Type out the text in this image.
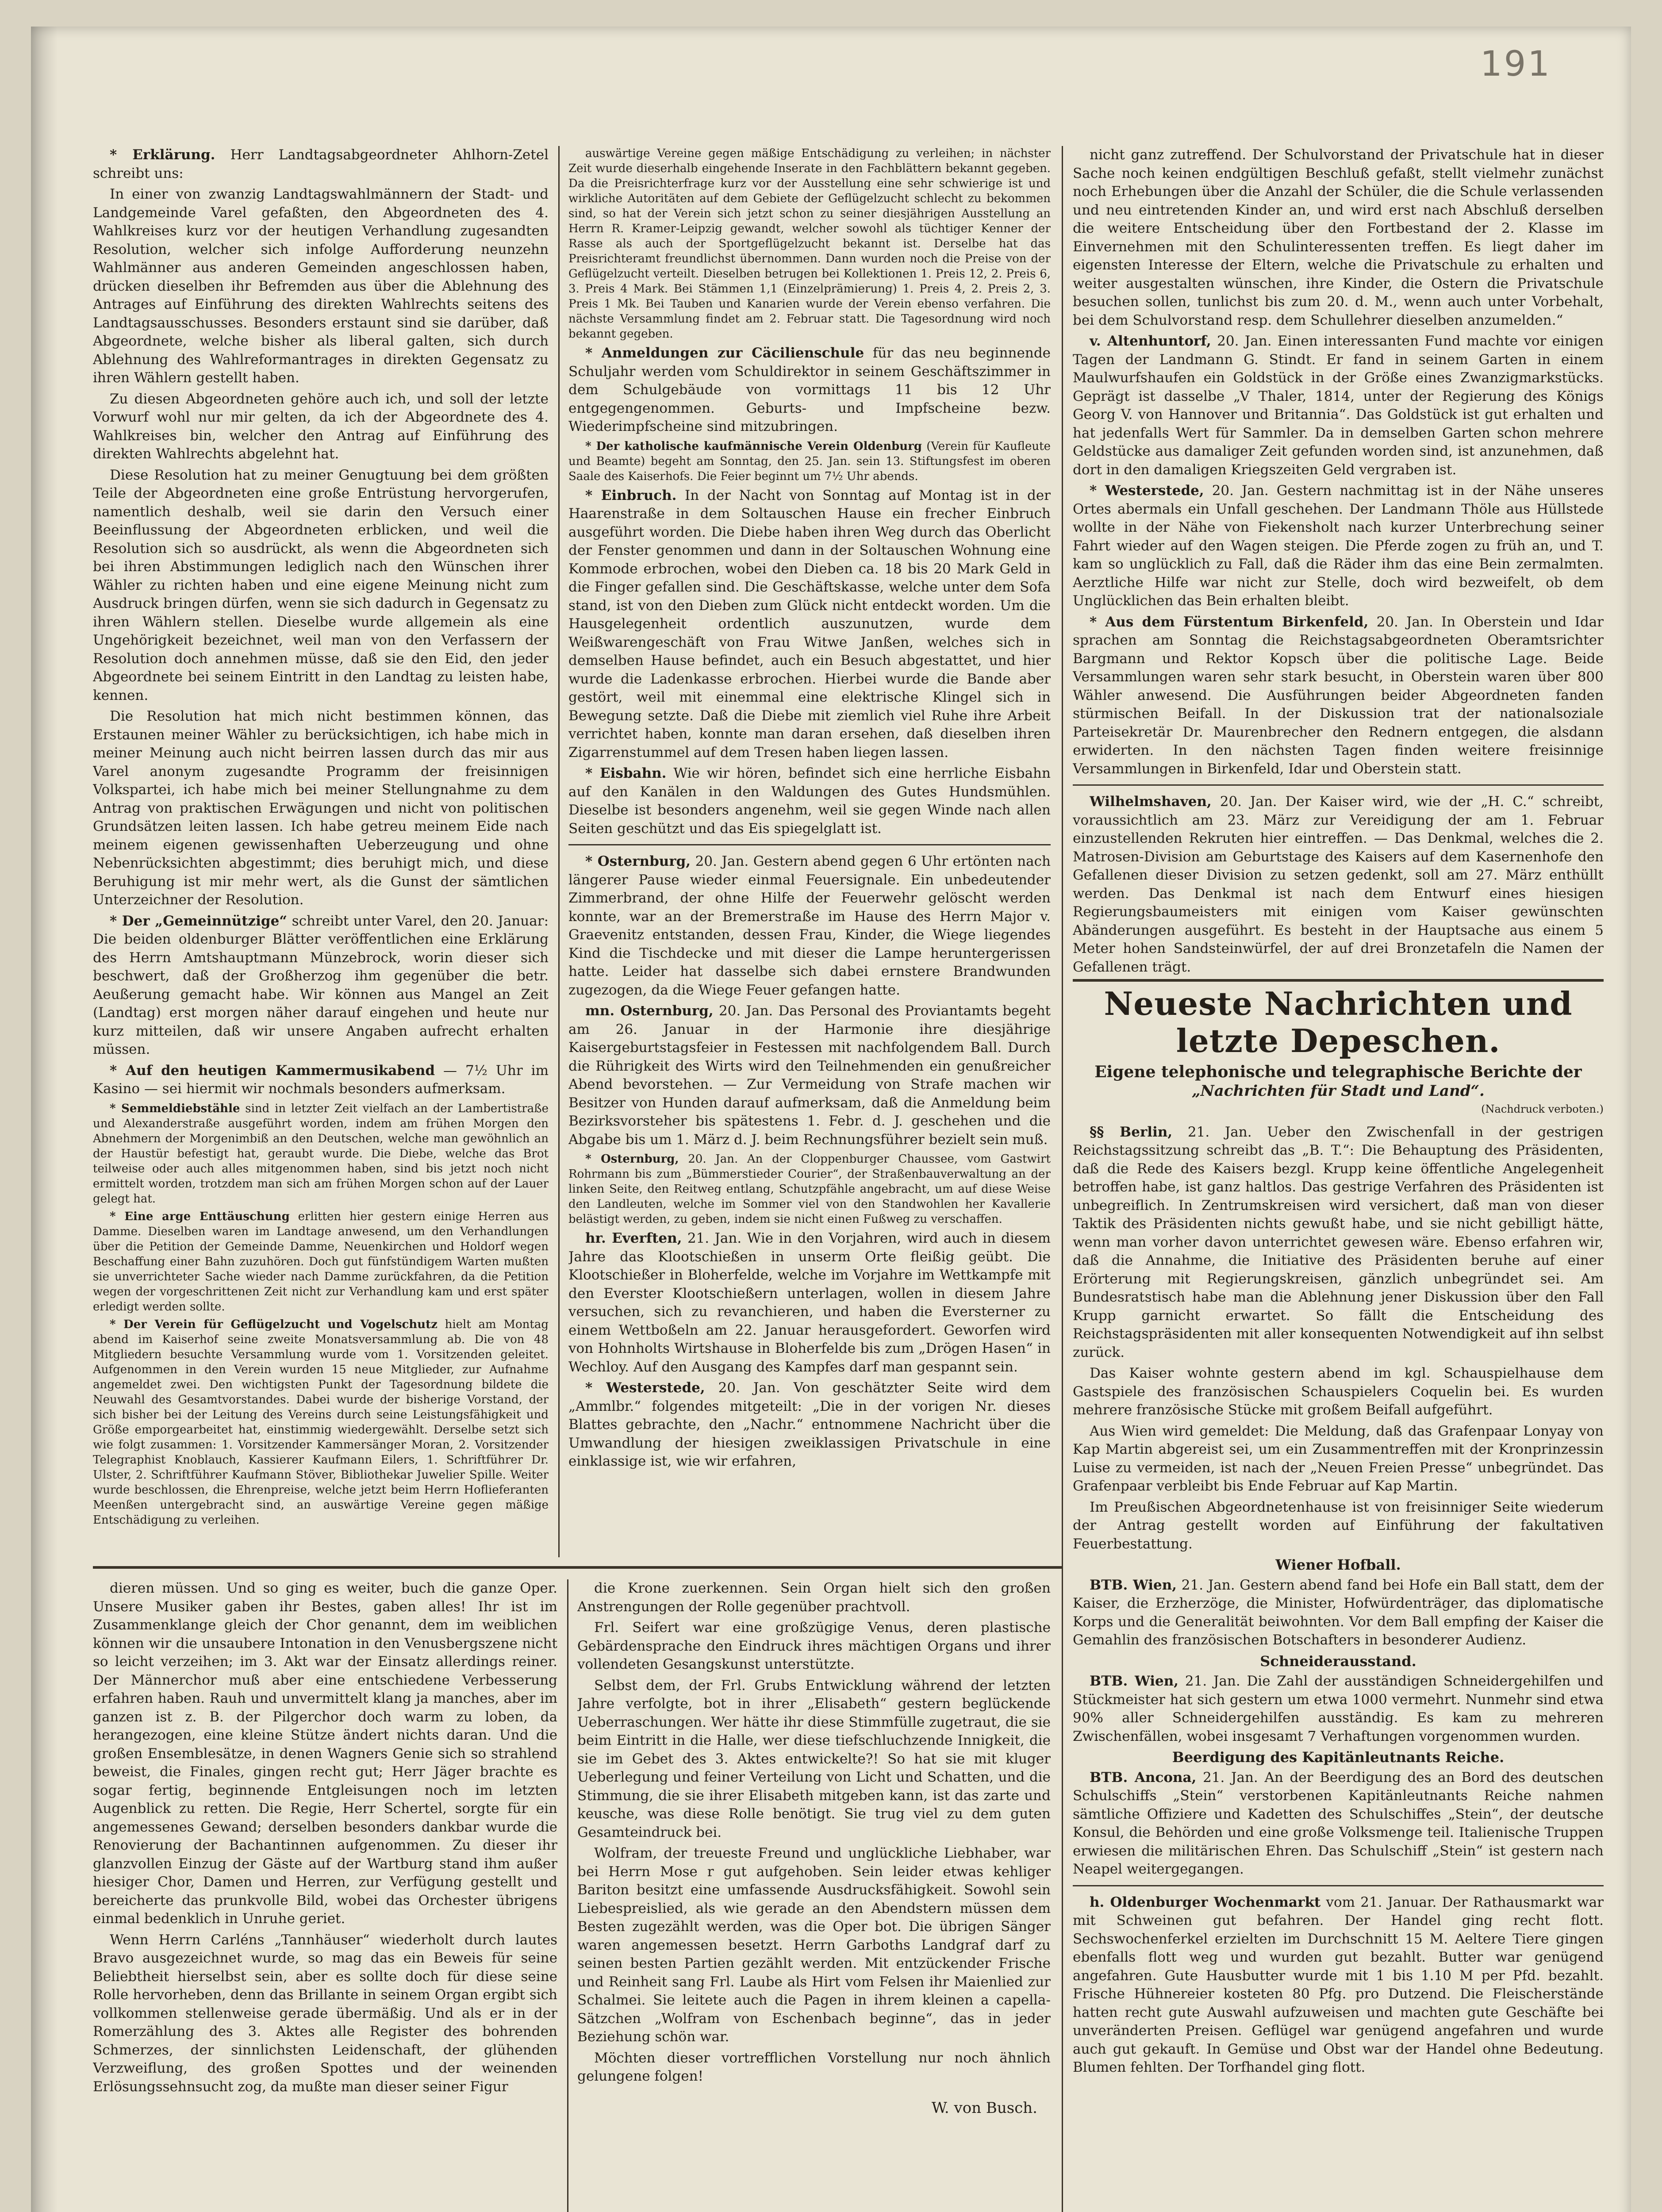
191

* Erklärung. Herr Landtagsabgeordneter Ahlhorn-Zetel schreibt uns:

In einer von zwanzig Landtagswahlmännern der Stadt- und Landgemeinde Varel gefaßten, den Abgeordneten des 4. Wahlkreises kurz vor der heutigen Verhandlung zugesandten Resolution, welcher sich infolge Aufforderung neunzehn Wahlmänner aus anderen Gemeinden angeschlossen haben, drücken dieselben ihr Befremden aus über die Ablehnung des Antrages auf Einführung des direkten Wahlrechts seitens des Landtagsausschusses. Besonders erstaunt sind sie darüber, daß Abgeordnete, welche bisher als liberal galten, sich durch Ablehnung des Wahlreformantrages in direkten Gegensatz zu ihren Wählern gestellt haben.

Zu diesen Abgeordneten gehöre auch ich, und soll der letzte Vorwurf wohl nur mir gelten, da ich der Abgeordnete des 4. Wahlkreises bin, welcher den Antrag auf Einführung des direkten Wahlrechts abgelehnt hat.

Diese Resolution hat zu meiner Genugtuung bei dem größten Teile der Abgeordneten eine große Entrüstung hervorgerufen, namentlich deshalb, weil sie darin den Versuch einer Beeinflussung der Abgeordneten erblicken, und weil die Resolution sich so ausdrückt, als wenn die Abgeordneten sich bei ihren Abstimmungen lediglich nach den Wünschen ihrer Wähler zu richten haben und eine eigene Meinung nicht zum Ausdruck bringen dürfen, wenn sie sich dadurch in Gegensatz zu ihren Wählern stellen. Dieselbe wurde allgemein als eine Ungehörigkeit bezeichnet, weil man von den Verfassern der Resolution doch annehmen müsse, daß sie den Eid, den jeder Abgeordnete bei seinem Eintritt in den Landtag zu leisten habe, kennen.

Die Resolution hat mich nicht bestimmen können, das Erstaunen meiner Wähler zu berücksichtigen, ich habe mich in meiner Meinung auch nicht beirren lassen durch das mir aus Varel anonym zugesandte Programm der freisinnigen Volkspartei, ich habe mich bei meiner Stellungnahme zu dem Antrag von praktischen Erwägungen und nicht von politischen Grundsätzen leiten lassen. Ich habe getreu meinem Eide nach meinem eigenen gewissenhaften Ueberzeugung und ohne Nebenrücksichten abgestimmt; dies beruhigt mich, und diese Beruhigung ist mir mehr wert, als die Gunst der sämtlichen Unterzeichner der Resolution.

* Der „Gemeinnützige“ schreibt unter Varel, den 20. Januar: Die beiden oldenburger Blätter veröffentlichen eine Erklärung des Herrn Amtshauptmann Münzebrock, worin dieser sich beschwert, daß der Großherzog ihm gegenüber die betr. Aeußerung gemacht habe. Wir können aus Mangel an Zeit (Landtag) erst morgen näher darauf eingehen und heute nur kurz mitteilen, daß wir unsere Angaben aufrecht erhalten müssen.

* Auf den heutigen Kammermusikabend — 7½ Uhr im Kasino — sei hiermit wir nochmals besonders aufmerksam.

* Semmeldiebstähle sind in letzter Zeit vielfach an der Lambertistraße und Alexanderstraße ausgeführt worden, indem am frühen Morgen den Abnehmern der Morgenimbiß an den Deutschen, welche man gewöhnlich an der Haustür befestigt hat, geraubt wurde. Die Diebe, welche das Brot teilweise oder auch alles mitgenommen haben, sind bis jetzt noch nicht ermittelt worden, trotzdem man sich am frühen Morgen schon auf der Lauer gelegt hat.

* Eine arge Enttäuschung erlitten hier gestern einige Herren aus Damme. Dieselben waren im Landtage anwesend, um den Verhandlungen über die Petition der Gemeinde Damme, Neuenkirchen und Holdorf wegen Beschaffung einer Bahn zuzuhören. Doch gut fünfstündigem Warten mußten sie unverrichteter Sache wieder nach Damme zurückfahren, da die Petition wegen der vorgeschrittenen Zeit nicht zur Verhandlung kam und erst später erledigt werden sollte.

* Der Verein für Geflügelzucht und Vogelschutz hielt am Montag abend im Kaiserhof seine zweite Monatsversammlung ab. Die von 48 Mitgliedern besuchte Versammlung wurde vom 1. Vorsitzenden geleitet. Aufgenommen in den Verein wurden 15 neue Mitglieder, zur Aufnahme angemeldet zwei. Den wichtigsten Punkt der Tagesordnung bildete die Neuwahl des Gesamtvorstandes. Dabei wurde der bisherige Vorstand, der sich bisher bei der Leitung des Vereins durch seine Leistungsfähigkeit und Größe emporgearbeitet hat, einstimmig wiedergewählt. Derselbe setzt sich wie folgt zusammen: 1. Vorsitzender Kammersänger Moran, 2. Vorsitzender Telegraphist Knoblauch, Kassierer Kaufmann Eilers, 1. Schriftführer Dr. Ulster, 2. Schriftführer Kaufmann Stöver, Bibliothekar Juwelier Spille. Weiter wurde beschlossen, die Ehrenpreise, welche jetzt beim Herrn Hoflieferanten Meenßen untergebracht sind, an auswärtige Vereine gegen mäßige Entschädigung zu verleihen.

auswärtige Vereine gegen mäßige Entschädigung zu verleihen; in nächster Zeit wurde dieserhalb eingehende Inserate in den Fachblättern bekannt gegeben. Da die Preisrichterfrage kurz vor der Ausstellung eine sehr schwierige ist und wirkliche Autoritäten auf dem Gebiete der Geflügelzucht schlecht zu bekommen sind, so hat der Verein sich jetzt schon zu seiner diesjährigen Ausstellung an Herrn R. Kramer-Leipzig gewandt, welcher sowohl als tüchtiger Kenner der Rasse als auch der Sportgeflügelzucht bekannt ist. Derselbe hat das Preisrichteramt freundlichst übernommen. Dann wurden noch die Preise von der Geflügelzucht verteilt. Dieselben betrugen bei Kollektionen 1. Preis 12, 2. Preis 6, 3. Preis 4 Mark. Bei Stämmen 1,1 (Einzelprämierung) 1. Preis 4, 2. Preis 2, 3. Preis 1 Mk. Bei Tauben und Kanarien wurde der Verein ebenso verfahren. Die nächste Versammlung findet am 2. Februar statt. Die Tagesordnung wird noch bekannt gegeben.

* Anmeldungen zur Cäcilienschule für das neu beginnende Schuljahr werden vom Schuldirektor in seinem Geschäftszimmer in dem Schulgebäude von vormittags 11 bis 12 Uhr entgegengenommen. Geburts- und Impfscheine bezw. Wiederimpfscheine sind mitzubringen.

* Der katholische kaufmännische Verein Oldenburg (Verein für Kaufleute und Beamte) begeht am Sonntag, den 25. Jan. sein 13. Stiftungsfest im oberen Saale des Kaiserhofs. Die Feier beginnt um 7½ Uhr abends.

* Einbruch. In der Nacht von Sonntag auf Montag ist in der Haarenstraße in dem Soltauschen Hause ein frecher Einbruch ausgeführt worden. Die Diebe haben ihren Weg durch das Oberlicht der Fenster genommen und dann in der Soltauschen Wohnung eine Kommode erbrochen, wobei den Dieben ca. 18 bis 20 Mark Geld in die Finger gefallen sind. Die Geschäftskasse, welche unter dem Sofa stand, ist von den Dieben zum Glück nicht entdeckt worden. Um die Hausgelegenheit ordentlich auszunutzen, wurde dem Weißwarengeschäft von Frau Witwe Janßen, welches sich in demselben Hause befindet, auch ein Besuch abgestattet, und hier wurde die Ladenkasse erbrochen. Hierbei wurde die Bande aber gestört, weil mit einemmal eine elektrische Klingel sich in Bewegung setzte. Daß die Diebe mit ziemlich viel Ruhe ihre Arbeit verrichtet haben, konnte man daran ersehen, daß dieselben ihren Zigarrenstummel auf dem Tresen haben liegen lassen.

* Eisbahn. Wie wir hören, befindet sich eine herrliche Eisbahn auf den Kanälen in den Waldungen des Gutes Hundsmühlen. Dieselbe ist besonders angenehm, weil sie gegen Winde nach allen Seiten geschützt und das Eis spiegelglatt ist.

* Osternburg, 20. Jan. Gestern abend gegen 6 Uhr ertönten nach längerer Pause wieder einmal Feuersignale. Ein unbedeutender Zimmerbrand, der ohne Hilfe der Feuerwehr gelöscht werden konnte, war an der Bremerstraße im Hause des Herrn Major v. Graevenitz entstanden, dessen Frau, Kinder, die Wiege liegendes Kind die Tischdecke und mit dieser die Lampe heruntergerissen hatte. Leider hat dasselbe sich dabei ernstere Brandwunden zugezogen, da die Wiege Feuer gefangen hatte.

mn. Osternburg, 20. Jan. Das Personal des Proviantamts begeht am 26. Januar in der Harmonie ihre diesjährige Kaisergeburtstagsfeier in Festessen mit nachfolgendem Ball. Durch die Rührigkeit des Wirts wird den Teilnehmenden ein genußreicher Abend bevorstehen. — Zur Vermeidung von Strafe machen wir Besitzer von Hunden darauf aufmerksam, daß die Anmeldung beim Bezirksvorsteher bis spätestens 1. Febr. d. J. geschehen und die Abgabe bis um 1. März d. J. beim Rechnungsführer bezielt sein muß.

* Osternburg, 20. Jan. An der Cloppenburger Chaussee, vom Gastwirt Rohrmann bis zum „Bümmerstieder Courier“, der Straßenbauverwaltung an der linken Seite, den Reitweg entlang, Schutzpfähle angebracht, um auf diese Weise den Landleuten, welche im Sommer viel von den Standwohlen her Kavallerie belästigt werden, zu geben, indem sie nicht einen Fußweg zu verschaffen.

hr. Everften, 21. Jan. Wie in den Vorjahren, wird auch in diesem Jahre das Klootschießen in unserm Orte fleißig geübt. Die Klootschießer in Bloherfelde, welche im Vorjahre im Wettkampfe mit den Everster Klootschießern unterlagen, wollen in diesem Jahre versuchen, sich zu revanchieren, und haben die Eversterner zu einem Wettboßeln am 22. Januar herausgefordert. Geworfen wird von Hohnholts Wirtshause in Bloherfelde bis zum „Drögen Hasen“ in Wechloy. Auf den Ausgang des Kampfes darf man gespannt sein.

* Westerstede, 20. Jan. Von geschätzter Seite wird dem „Ammlbr.“ folgendes mitgeteilt: „Die in der vorigen Nr. dieses Blattes gebrachte, den „Nachr.“ entnommene Nachricht über die Umwandlung der hiesigen zweiklassigen Privatschule in eine einklassige ist, wie wir erfahren,

nicht ganz zutreffend. Der Schulvorstand der Privatschule hat in dieser Sache noch keinen endgültigen Beschluß gefaßt, stellt vielmehr zunächst noch Erhebungen über die Anzahl der Schüler, die die Schule verlassenden und neu eintretenden Kinder an, und wird erst nach Abschluß derselben die weitere Entscheidung über den Fortbestand der 2. Klasse im Einvernehmen mit den Schulinteressenten treffen. Es liegt daher im eigensten Interesse der Eltern, welche die Privatschule zu erhalten und weiter ausgestalten wünschen, ihre Kinder, die Ostern die Privatschule besuchen sollen, tunlichst bis zum 20. d. M., wenn auch unter Vorbehalt, bei dem Schulvorstand resp. dem Schullehrer dieselben anzumelden.“

v. Altenhuntorf, 20. Jan. Einen interessanten Fund machte vor einigen Tagen der Landmann G. Stindt. Er fand in seinem Garten in einem Maulwurfshaufen ein Goldstück in der Größe eines Zwanzigmarkstücks. Geprägt ist dasselbe „V Thaler, 1814, unter der Regierung des Königs Georg V. von Hannover und Britannia“. Das Goldstück ist gut erhalten und hat jedenfalls Wert für Sammler. Da in demselben Garten schon mehrere Geldstücke aus damaliger Zeit gefunden worden sind, ist anzunehmen, daß dort in den damaligen Kriegszeiten Geld vergraben ist.

* Westerstede, 20. Jan. Gestern nachmittag ist in der Nähe unseres Ortes abermals ein Unfall geschehen. Der Landmann Thöle aus Hüllstede wollte in der Nähe von Fiekensholt nach kurzer Unterbrechung seiner Fahrt wieder auf den Wagen steigen. Die Pferde zogen zu früh an, und T. kam so unglücklich zu Fall, daß die Räder ihm das eine Bein zermalmten. Aerztliche Hilfe war nicht zur Stelle, doch wird bezweifelt, ob dem Unglücklichen das Bein erhalten bleibt.

* Aus dem Fürstentum Birkenfeld, 20. Jan. In Oberstein und Idar sprachen am Sonntag die Reichstagsabgeordneten Oberamtsrichter Bargmann und Rektor Kopsch über die politische Lage. Beide Versammlungen waren sehr stark besucht, in Oberstein waren über 800 Wähler anwesend. Die Ausführungen beider Abgeordneten fanden stürmischen Beifall. In der Diskussion trat der nationalsoziale Parteisekretär Dr. Maurenbrecher den Rednern entgegen, die alsdann erwiderten. In den nächsten Tagen finden weitere freisinnige Versammlungen in Birkenfeld, Idar und Oberstein statt.

Wilhelmshaven, 20. Jan. Der Kaiser wird, wie der „H. C.“ schreibt, voraussichtlich am 23. März zur Vereidigung der am 1. Februar einzustellenden Rekruten hier eintreffen. — Das Denkmal, welches die 2. Matrosen-Division am Geburtstage des Kaisers auf dem Kasernenhofe den Gefallenen dieser Division zu setzen gedenkt, soll am 27. März enthüllt werden. Das Denkmal ist nach dem Entwurf eines hiesigen Regierungsbaumeisters mit einigen vom Kaiser gewünschten Abänderungen ausgeführt. Es besteht in der Hauptsache aus einem 5 Meter hohen Sandsteinwürfel, der auf drei Bronzetafeln die Namen der Gefallenen trägt.

Neueste Nachrichten und letzte Depeschen.
Eigene telephonische und telegraphische Berichte der
„Nachrichten für Stadt und Land“.
(Nachdruck verboten.)

§§ Berlin, 21. Jan. Ueber den Zwischenfall in der gestrigen Reichstagssitzung schreibt das „B. T.“: Die Behauptung des Präsidenten, daß die Rede des Kaisers bezgl. Krupp keine öffentliche Angelegenheit betroffen habe, ist ganz haltlos. Das gestrige Verfahren des Präsidenten ist unbegreiflich. In Zentrumskreisen wird versichert, daß man von dieser Taktik des Präsidenten nichts gewußt habe, und sie nicht gebilligt hätte, wenn man vorher davon unterrichtet gewesen wäre. Ebenso erfahren wir, daß die Annahme, die Initiative des Präsidenten beruhe auf einer Erörterung mit Regierungskreisen, gänzlich unbegründet sei. Am Bundesratstisch habe man die Ablehnung jener Diskussion über den Fall Krupp garnicht erwartet. So fällt die Entscheidung des Reichstagspräsidenten mit aller konsequenten Notwendigkeit auf ihn selbst zurück.

Das Kaiser wohnte gestern abend im kgl. Schauspielhause dem Gastspiele des französischen Schauspielers Coquelin bei. Es wurden mehrere französische Stücke mit großem Beifall aufgeführt.

Aus Wien wird gemeldet: Die Meldung, daß das Grafenpaar Lonyay von Kap Martin abgereist sei, um ein Zusammentreffen mit der Kronprinzessin Luise zu vermeiden, ist nach der „Neuen Freien Presse“ unbegründet. Das Grafenpaar verbleibt bis Ende Februar auf Kap Martin.

Im Preußischen Abgeordnetenhause ist von freisinniger Seite wiederum der Antrag gestellt worden auf Einführung der fakultativen Feuerbestattung.

Wiener Hofball.

BTB. Wien, 21. Jan. Gestern abend fand bei Hofe ein Ball statt, dem der Kaiser, die Erzherzöge, die Minister, Hofwürdenträger, das diplomatische Korps und die Generalität beiwohnten. Vor dem Ball empfing der Kaiser die Gemahlin des französischen Botschafters in besonderer Audienz.

Schneiderausstand.

BTB. Wien, 21. Jan. Die Zahl der ausständigen Schneidergehilfen und Stückmeister hat sich gestern um etwa 1000 vermehrt. Nunmehr sind etwa 90% aller Schneidergehilfen ausständig. Es kam zu mehreren Zwischenfällen, wobei insgesamt 7 Verhaftungen vorgenommen wurden.

Beerdigung des Kapitänleutnants Reiche.

BTB. Ancona, 21. Jan. An der Beerdigung des an Bord des deutschen Schulschiffs „Stein“ verstorbenen Kapitänleutnants Reiche nahmen sämtliche Offiziere und Kadetten des Schulschiffes „Stein“, der deutsche Konsul, die Behörden und eine große Volksmenge teil. Italienische Truppen erwiesen die militärischen Ehren. Das Schulschiff „Stein“ ist gestern nach Neapel weitergegangen.

h. Oldenburger Wochenmarkt vom 21. Januar. Der Rathausmarkt war mit Schweinen gut befahren. Der Handel ging recht flott. Sechswochenferkel erzielten im Durchschnitt 15 M. Aeltere Tiere gingen ebenfalls flott weg und wurden gut bezahlt. Butter war genügend angefahren. Gute Hausbutter wurde mit 1 bis 1.10 M per Pfd. bezahlt. Frische Hühnereier kosteten 80 Pfg. pro Dutzend. Die Fleischerstände hatten recht gute Auswahl aufzuweisen und machten gute Geschäfte bei unveränderten Preisen. Geflügel war genügend angefahren und wurde auch gut gekauft. In Gemüse und Obst war der Handel ohne Bedeutung. Blumen fehlten. Der Torfhandel ging flott.

dieren müssen. Und so ging es weiter, buch die ganze Oper. Unsere Musiker gaben ihr Bestes, gaben alles! Ihr ist im Zusammenklange gleich der Chor genannt, dem im weiblichen können wir die unsaubere Intonation in den Venusbergszene nicht so leicht verzeihen; im 3. Akt war der Einsatz allerdings reiner. Der Männerchor muß aber eine entschiedene Verbesserung erfahren haben. Rauh und unvermittelt klang ja manches, aber im ganzen ist z. B. der Pilgerchor doch warm zu loben, da herangezogen, eine kleine Stütze ändert nichts daran. Und die großen Ensemblesätze, in denen Wagners Genie sich so strahlend beweist, die Finales, gingen recht gut; Herr Jäger brachte es sogar fertig, beginnende Entgleisungen noch im letzten Augenblick zu retten. Die Regie, Herr Schertel, sorgte für ein angemessenes Gewand; derselben besonders dankbar wurde die Renovierung der Bachantinnen aufgenommen. Zu dieser ihr glanzvollen Einzug der Gäste auf der Wartburg stand ihm außer hiesiger Chor, Damen und Herren, zur Verfügung gestellt und bereicherte das prunkvolle Bild, wobei das Orchester übrigens einmal bedenklich in Unruhe geriet.

Wenn Herrn Carléns „Tannhäuser“ wiederholt durch lautes Bravo ausgezeichnet wurde, so mag das ein Beweis für seine Beliebtheit hierselbst sein, aber es sollte doch für diese seine Rolle hervorheben, denn das Brillante in seinem Organ ergibt sich vollkommen stellenweise gerade übermäßig. Und als er in der Romerzählung des 3. Aktes alle Register des bohrenden Schmerzes, der sinnlichsten Leidenschaft, der glühenden Verzweiflung, des großen Spottes und der weinenden Erlösungssehnsucht zog, da mußte man dieser seiner Figur

die Krone zuerkennen. Sein Organ hielt sich den großen Anstrengungen der Rolle gegenüber prachtvoll.

Frl. Seifert war eine großzügige Venus, deren plastische Gebärdensprache den Eindruck ihres mächtigen Organs und ihrer vollendeten Gesangskunst unterstützte.

Selbst dem, der Frl. Grubs Entwicklung während der letzten Jahre verfolgte, bot in ihrer „Elisabeth“ gestern beglückende Ueberraschungen. Wer hätte ihr diese Stimmfülle zugetraut, die sie beim Eintritt in die Halle, wer diese tiefschluchzende Innigkeit, die sie im Gebet des 3. Aktes entwickelte?! So hat sie mit kluger Ueberlegung und feiner Verteilung von Licht und Schatten, und die Stimmung, die sie ihrer Elisabeth mitgeben kann, ist das zarte und keusche, was diese Rolle benötigt. Sie trug viel zu dem guten Gesamteindruck bei.

Wolfram, der treueste Freund und unglückliche Liebhaber, war bei Herrn Mose r gut aufgehoben. Sein leider etwas kehliger Bariton besitzt eine umfassende Ausdrucksfähigkeit. Sowohl sein Liebespreislied, als wie gerade an den Abendstern müssen dem Besten zugezählt werden, was die Oper bot. Die übrigen Sänger waren angemessen besetzt. Herrn Garboths Landgraf darf zu seinen besten Partien gezählt werden. Mit entzückender Frische und Reinheit sang Frl. Laube als Hirt vom Felsen ihr Maienlied zur Schalmei. Sie leitete auch die Pagen in ihrem kleinen a capella-Sätzchen „Wolfram von Eschenbach beginne“, das in jeder Beziehung schön war.

Möchten dieser vortrefflichen Vorstellung nur noch ähnlich gelungene folgen!

W. von Busch.
